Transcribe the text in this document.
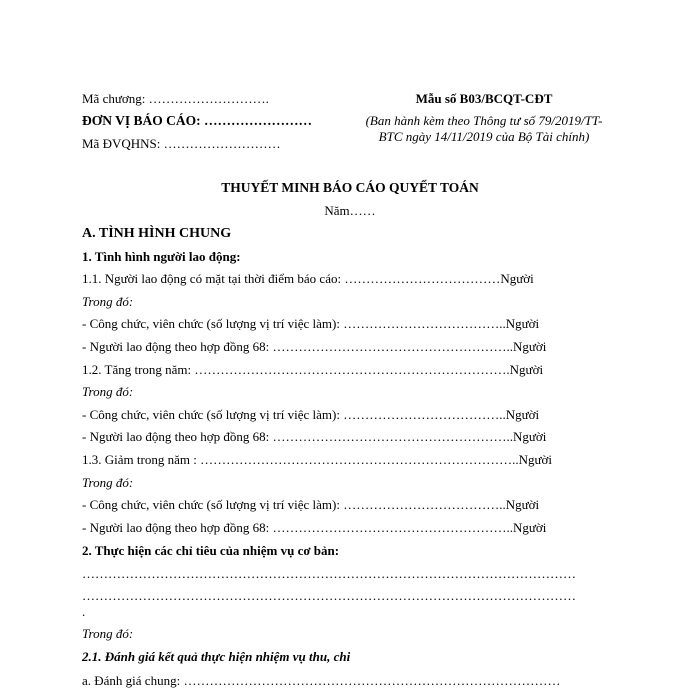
Mã chương: ……………………….
ĐƠN VỊ BÁO CÁO: ……………………
Mã ĐVQHNS: ………………………
Mẫu số B03/BCQT-CĐT
(Ban hành kèm theo Thông tư số 79/2019/TT-
BTC ngày 14/11/2019 của Bộ Tài chính)
THUYẾT MINH BÁO CÁO QUYẾT TOÁN
Năm……
A. TÌNH HÌNH CHUNG
1. Tình hình người lao động:
1.1. Người lao động có mặt tại thời điểm báo cáo: ………………………………Người
Trong đó:
- Công chức, viên chức (số lượng vị trí việc làm): ………………………………..Người
- Người lao động theo hợp đồng 68: ………………………………………………..Người
1.2. Tăng trong năm: ……………………………………………………………….Người
Trong đó:
- Công chức, viên chức (số lượng vị trí việc làm): ………………………………..Người
- Người lao động theo hợp đồng 68: ………………………………………………..Người
1.3. Giảm trong năm : ………………………………………………………………..Người
Trong đó:
- Công chức, viên chức (số lượng vị trí việc làm): ………………………………..Người
- Người lao động theo hợp đồng 68: ………………………………………………..Người
2. Thực hiện các chỉ tiêu của nhiệm vụ cơ bản:
……………………………………………………………………………………………………
……………………………………………………………………………………………………
.
Trong đó:
2.1. Đánh giá kết quả thực hiện nhiệm vụ thu, chi
a. Đánh giá chung: ……………………………………………………………………………
